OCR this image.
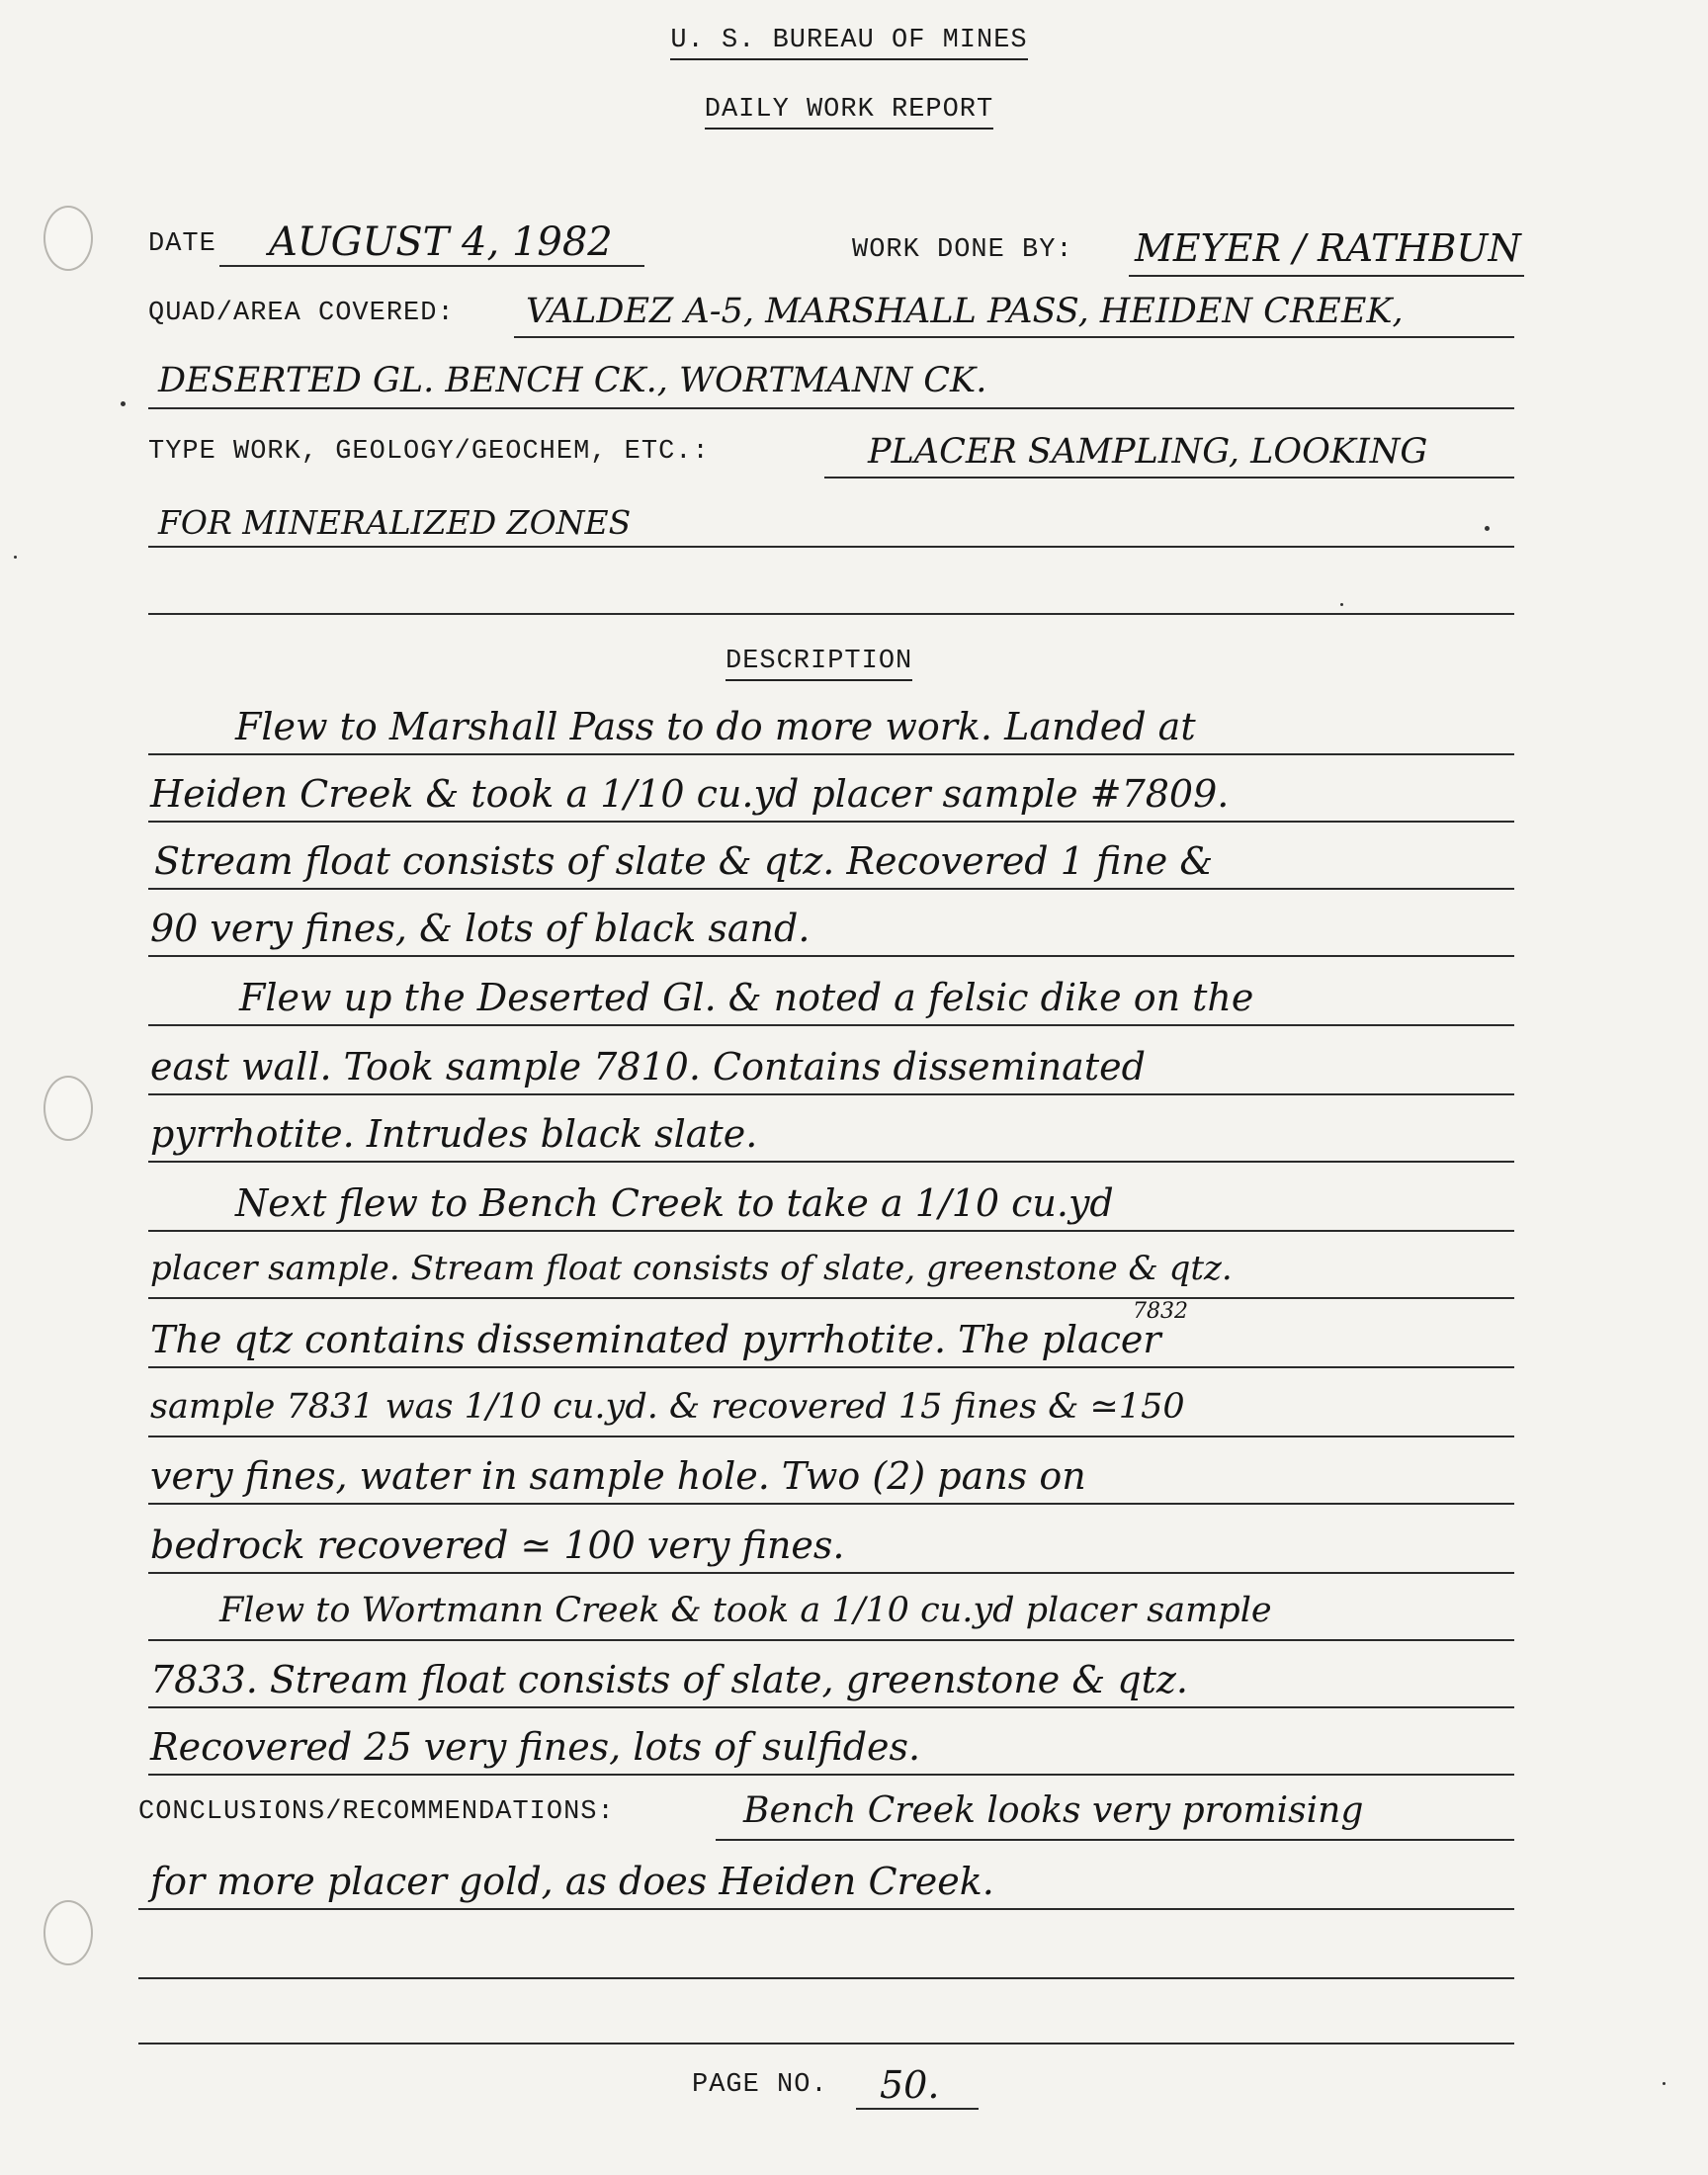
U. S. BUREAU OF MINES
DAILY WORK REPORT
DATE AUGUST 4, 1982	WORK DONE BY: MEYER / RATHBUN
QUAD/AREA COVERED: VALDEZ A-5, MARSHALL PASS, HEIDEN CREEK,
DESERTED GL. BENCH CK., WORTMANN CK.
TYPE WORK, GEOLOGY/GEOCHEM, ETC.:	PLACER SAMPLING, LOOKING
FOR MINERALIZED ZONES
DESCRIPTION
Flew to Marshall Pass to do more work. Landed at
Heiden Creek & took a 1/10 cu.yd placer sample #7809.
Stream float consists of slate & qtz. Recovered 1 fine &
90 very fines, & lots of black sand.
Flew up the Deserted Gl. & noted a felsic dike on the
east wall. Took sample 7810. Contains disseminated
pyrrhotite. Intrudes black slate.
Next flew to Bench Creek to take a 1/10 cu.yd
placer sample. Stream float consists of slate, greenstone & qtz.
The qtz contains disseminated pyrrhotite. The placer
7832
sample 7831 was 1/10 cu.yd. & recovered 15 fines & ≃150
very fines, water in sample hole. Two (2) pans on
bedrock recovered ≃ 100 very fines.
Flew to Wortmann Creek & took a 1/10 cu.yd placer sample
7833. Stream float consists of slate, greenstone & qtz.
Recovered 25 very fines, lots of sulfides.
CONCLUSIONS/RECOMMENDATIONS:	Bench Creek looks very promising
for more placer gold, as does Heiden Creek.
PAGE NO. 50.
